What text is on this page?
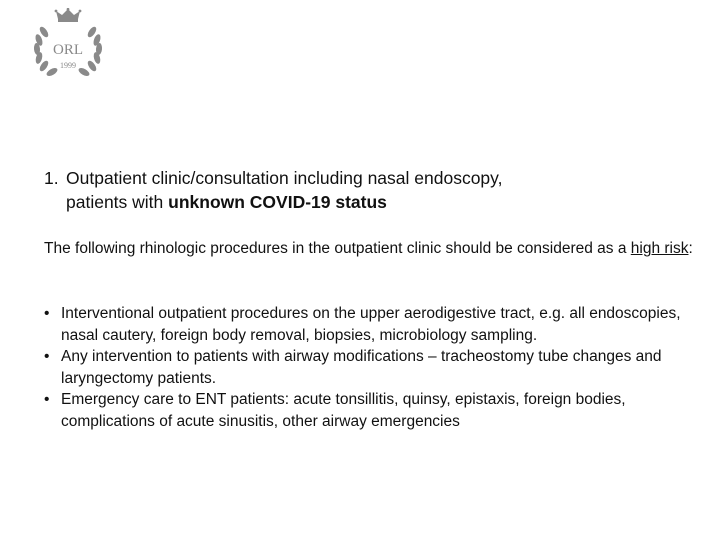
ORL
1999
1. Outpatient clinic/consultation including nasal endoscopy,
patients with unknown COVID-19 status
The following rhinologic procedures in the outpatient clinic should be considered as a high risk:
• Interventional outpatient procedures on the upper aerodigestive tract, e.g. all endoscopies, nasal cautery, foreign body removal, biopsies, microbiology sampling.
• Any intervention to patients with airway modifications – tracheostomy tube changes and laryngectomy patients.
• Emergency care to ENT patients: acute tonsillitis, quinsy, epistaxis, foreign bodies, complications of acute sinusitis, other airway emergencies
